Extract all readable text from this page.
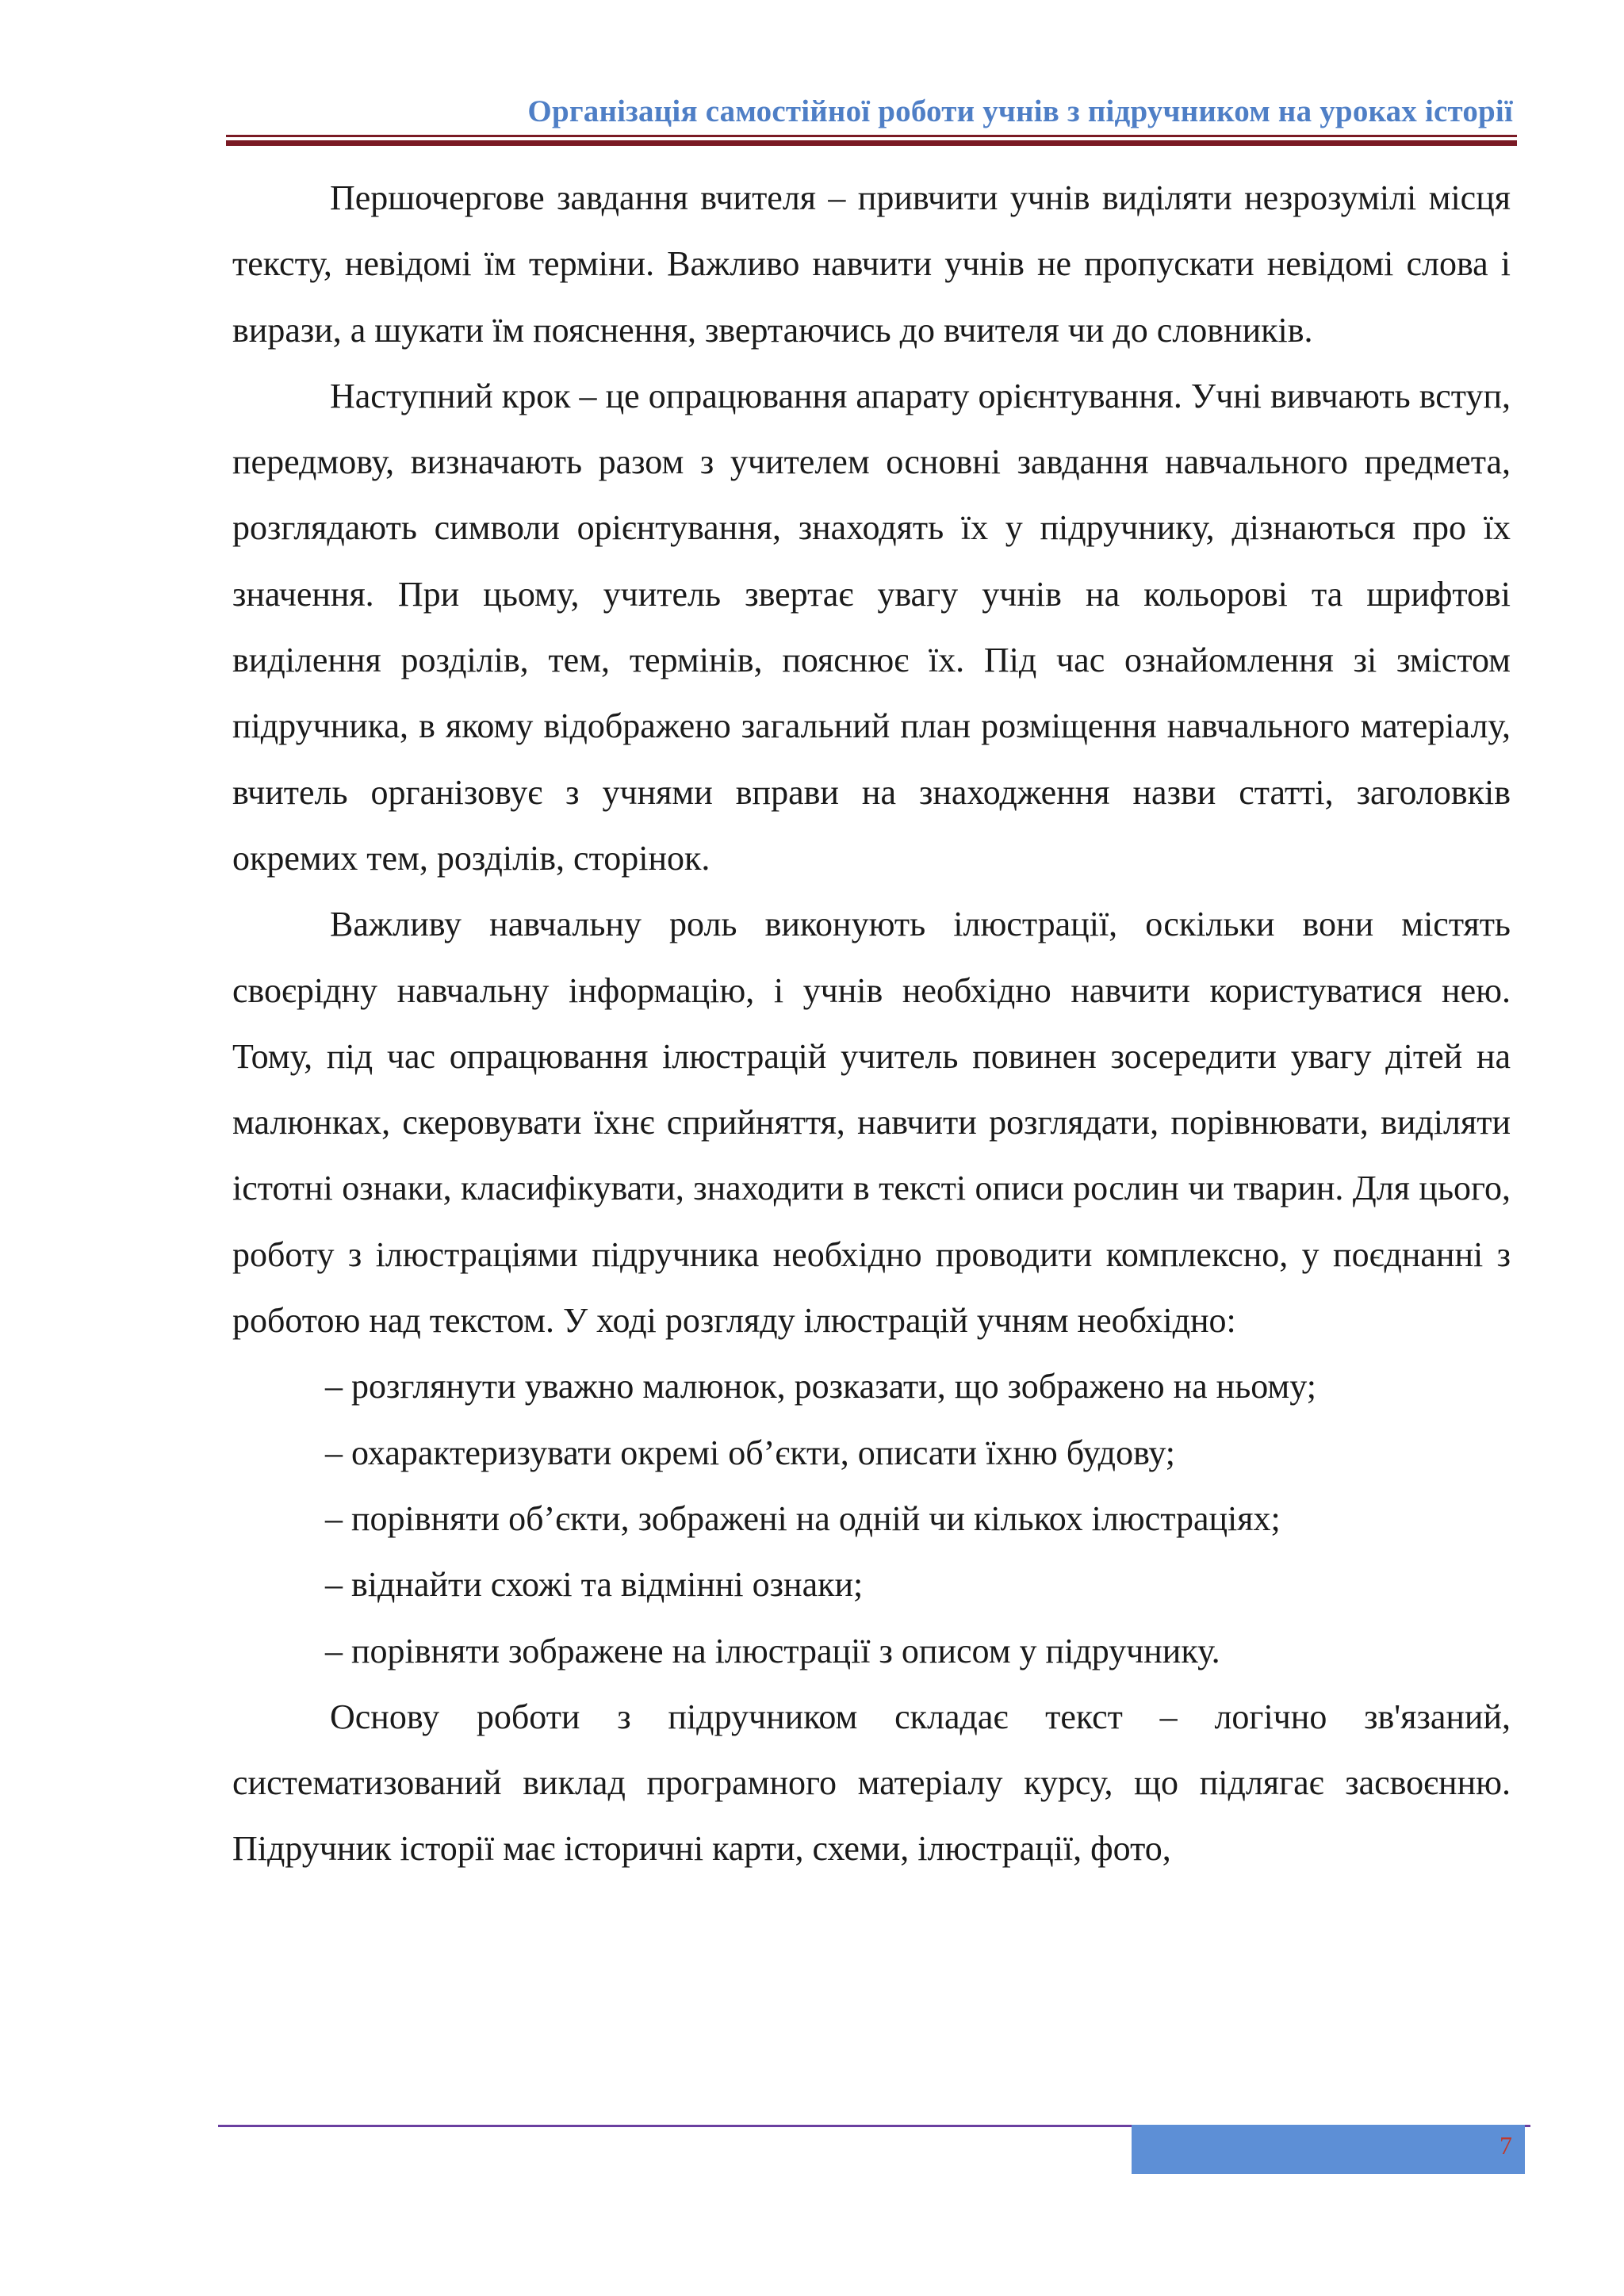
Організація самостійної роботи учнів з підручником на уроках історії

Першочергове завдання вчителя – привчити учнів виділяти незрозумілі місця тексту, невідомі їм терміни. Важливо навчити учнів не пропускати невідомі слова і вирази, а шукати їм пояснення, звертаючись до вчителя чи до словників.

Наступний крок – це опрацювання апарату орієнтування. Учні вивчають вступ, передмову, визначають разом з учителем основні завдання навчального предмета, розглядають символи орієнтування, знаходять їх у підручнику, дізнаються про їх значення. При цьому, учитель звертає увагу учнів на кольорові та шрифтові виділення розділів, тем, термінів, пояснює їх. Під час ознайомлення зі змістом підручника, в якому відображено загальний план розміщення навчального матеріалу, вчитель організовує з учнями вправи на знаходження назви статті, заголовків окремих тем, розділів, сторінок.

Важливу навчальну роль виконують ілюстрації, оскільки вони містять своєрідну навчальну інформацію, і учнів необхідно навчити користуватися нею. Тому, під час опрацювання ілюстрацій учитель повинен зосередити увагу дітей на малюнках, скеровувати їхнє сприйняття, навчити розглядати, порівнювати, виділяти істотні ознаки, класифікувати, знаходити в тексті описи рослин чи тварин. Для цього, роботу з ілюстраціями підручника необхідно проводити комплексно, у поєднанні з роботою над текстом. У ході розгляду ілюстрацій учням необхідно:

– розглянути уважно малюнок, розказати, що зображено на ньому;

– охарактеризувати окремі об’єкти, описати їхню будову;

– порівняти об’єкти, зображені на одній чи кількох ілюстраціях;

– віднайти схожі та відмінні ознаки;

– порівняти зображене на ілюстрації з описом у підручнику.

Основу роботи з підручником складає текст – логічно зв'язаний, систематизований виклад програмного матеріалу курсу, що підлягає засвоєнню. Підручник історії має історичні карти, схеми, ілюстрації, фото,

7
